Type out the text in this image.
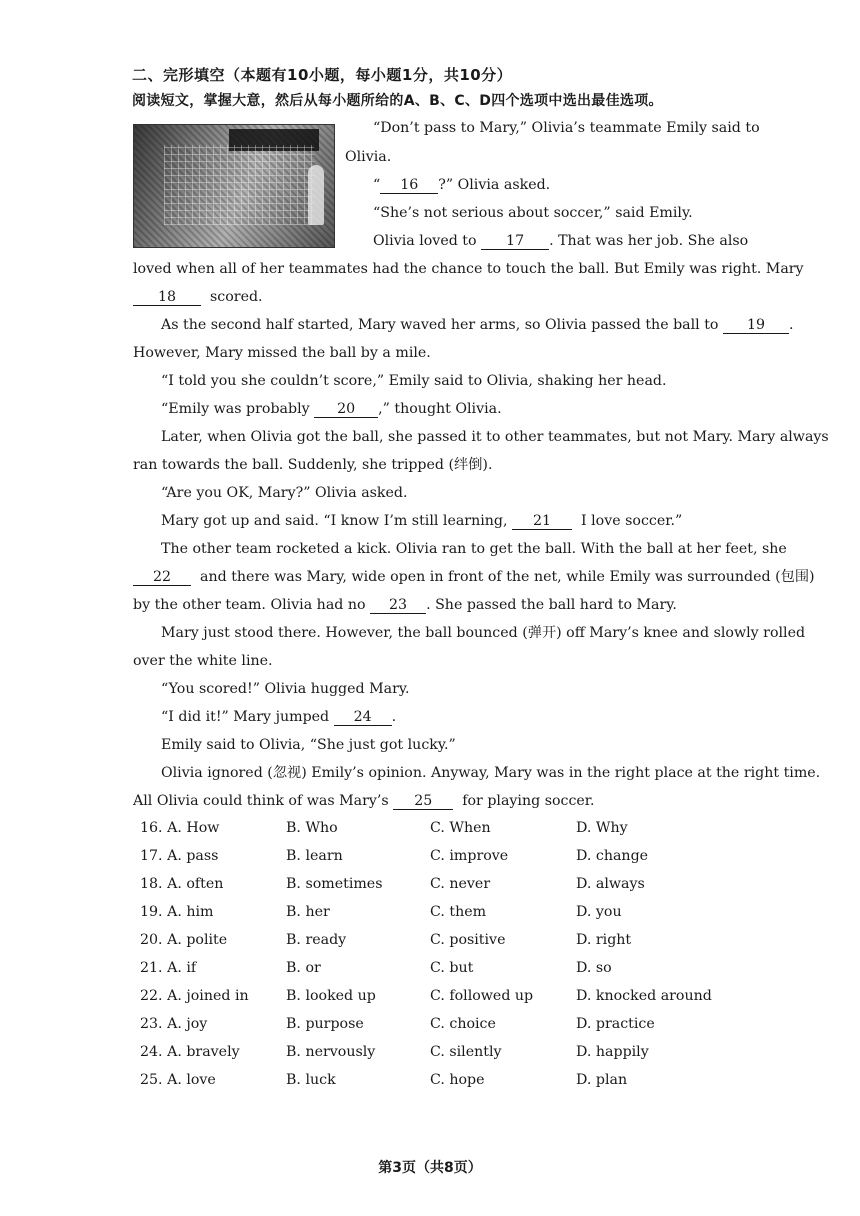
二、完形填空（本题有10小题，每小题1分，共10分）
阅读短文，掌握大意，然后从每小题所给的A、B、C、D四个选项中选出最佳选项。
“Don’t pass to Mary,” Olivia’s teammate Emily said to
Olivia.
“ 16 ?” Olivia asked.
“She’s not serious about soccer,” said Emily.
Olivia loved to 17 . That was her job. She also
loved when all of her teammates had the chance to touch the ball. But Emily was right. Mary
18 scored.
As the second half started, Mary waved her arms, so Olivia passed the ball to 19 .
However, Mary missed the ball by a mile.
“I told you she couldn’t score,” Emily said to Olivia, shaking her head.
“Emily was probably 20 ,” thought Olivia.
Later, when Olivia got the ball, she passed it to other teammates, but not Mary. Mary always
ran towards the ball. Suddenly, she tripped (绊倒).
“Are you OK, Mary?” Olivia asked.
Mary got up and said. “I know I’m still learning, 21 I love soccer.”
The other team rocketed a kick. Olivia ran to get the ball. With the ball at her feet, she
22 and there was Mary, wide open in front of the net, while Emily was surrounded (包围)
by the other team. Olivia had no 23 . She passed the ball hard to Mary.
Mary just stood there. However, the ball bounced (弹开) off Mary’s knee and slowly rolled
over the white line.
“You scored!” Olivia hugged Mary.
“I did it!” Mary jumped 24 .
Emily said to Olivia, “She just got lucky.”
Olivia ignored (忽视) Emily’s opinion. Anyway, Mary was in the right place at the right time.
All Olivia could think of was Mary’s 25 for playing soccer.
16. A. How	B. Who	C. When	D. Why
17. A. pass	B. learn	C. improve	D. change
18. A. often	B. sometimes	C. never	D. always
19. A. him	B. her	C. them	D. you
20. A. polite	B. ready	C. positive	D. right
21. A. if	B. or	C. but	D. so
22. A. joined in	B. looked up	C. followed up	D. knocked around
23. A. joy	B. purpose	C. choice	D. practice
24. A. bravely	B. nervously	C. silently	D. happily
25. A. love	B. luck	C. hope	D. plan
第3页（共8页）
